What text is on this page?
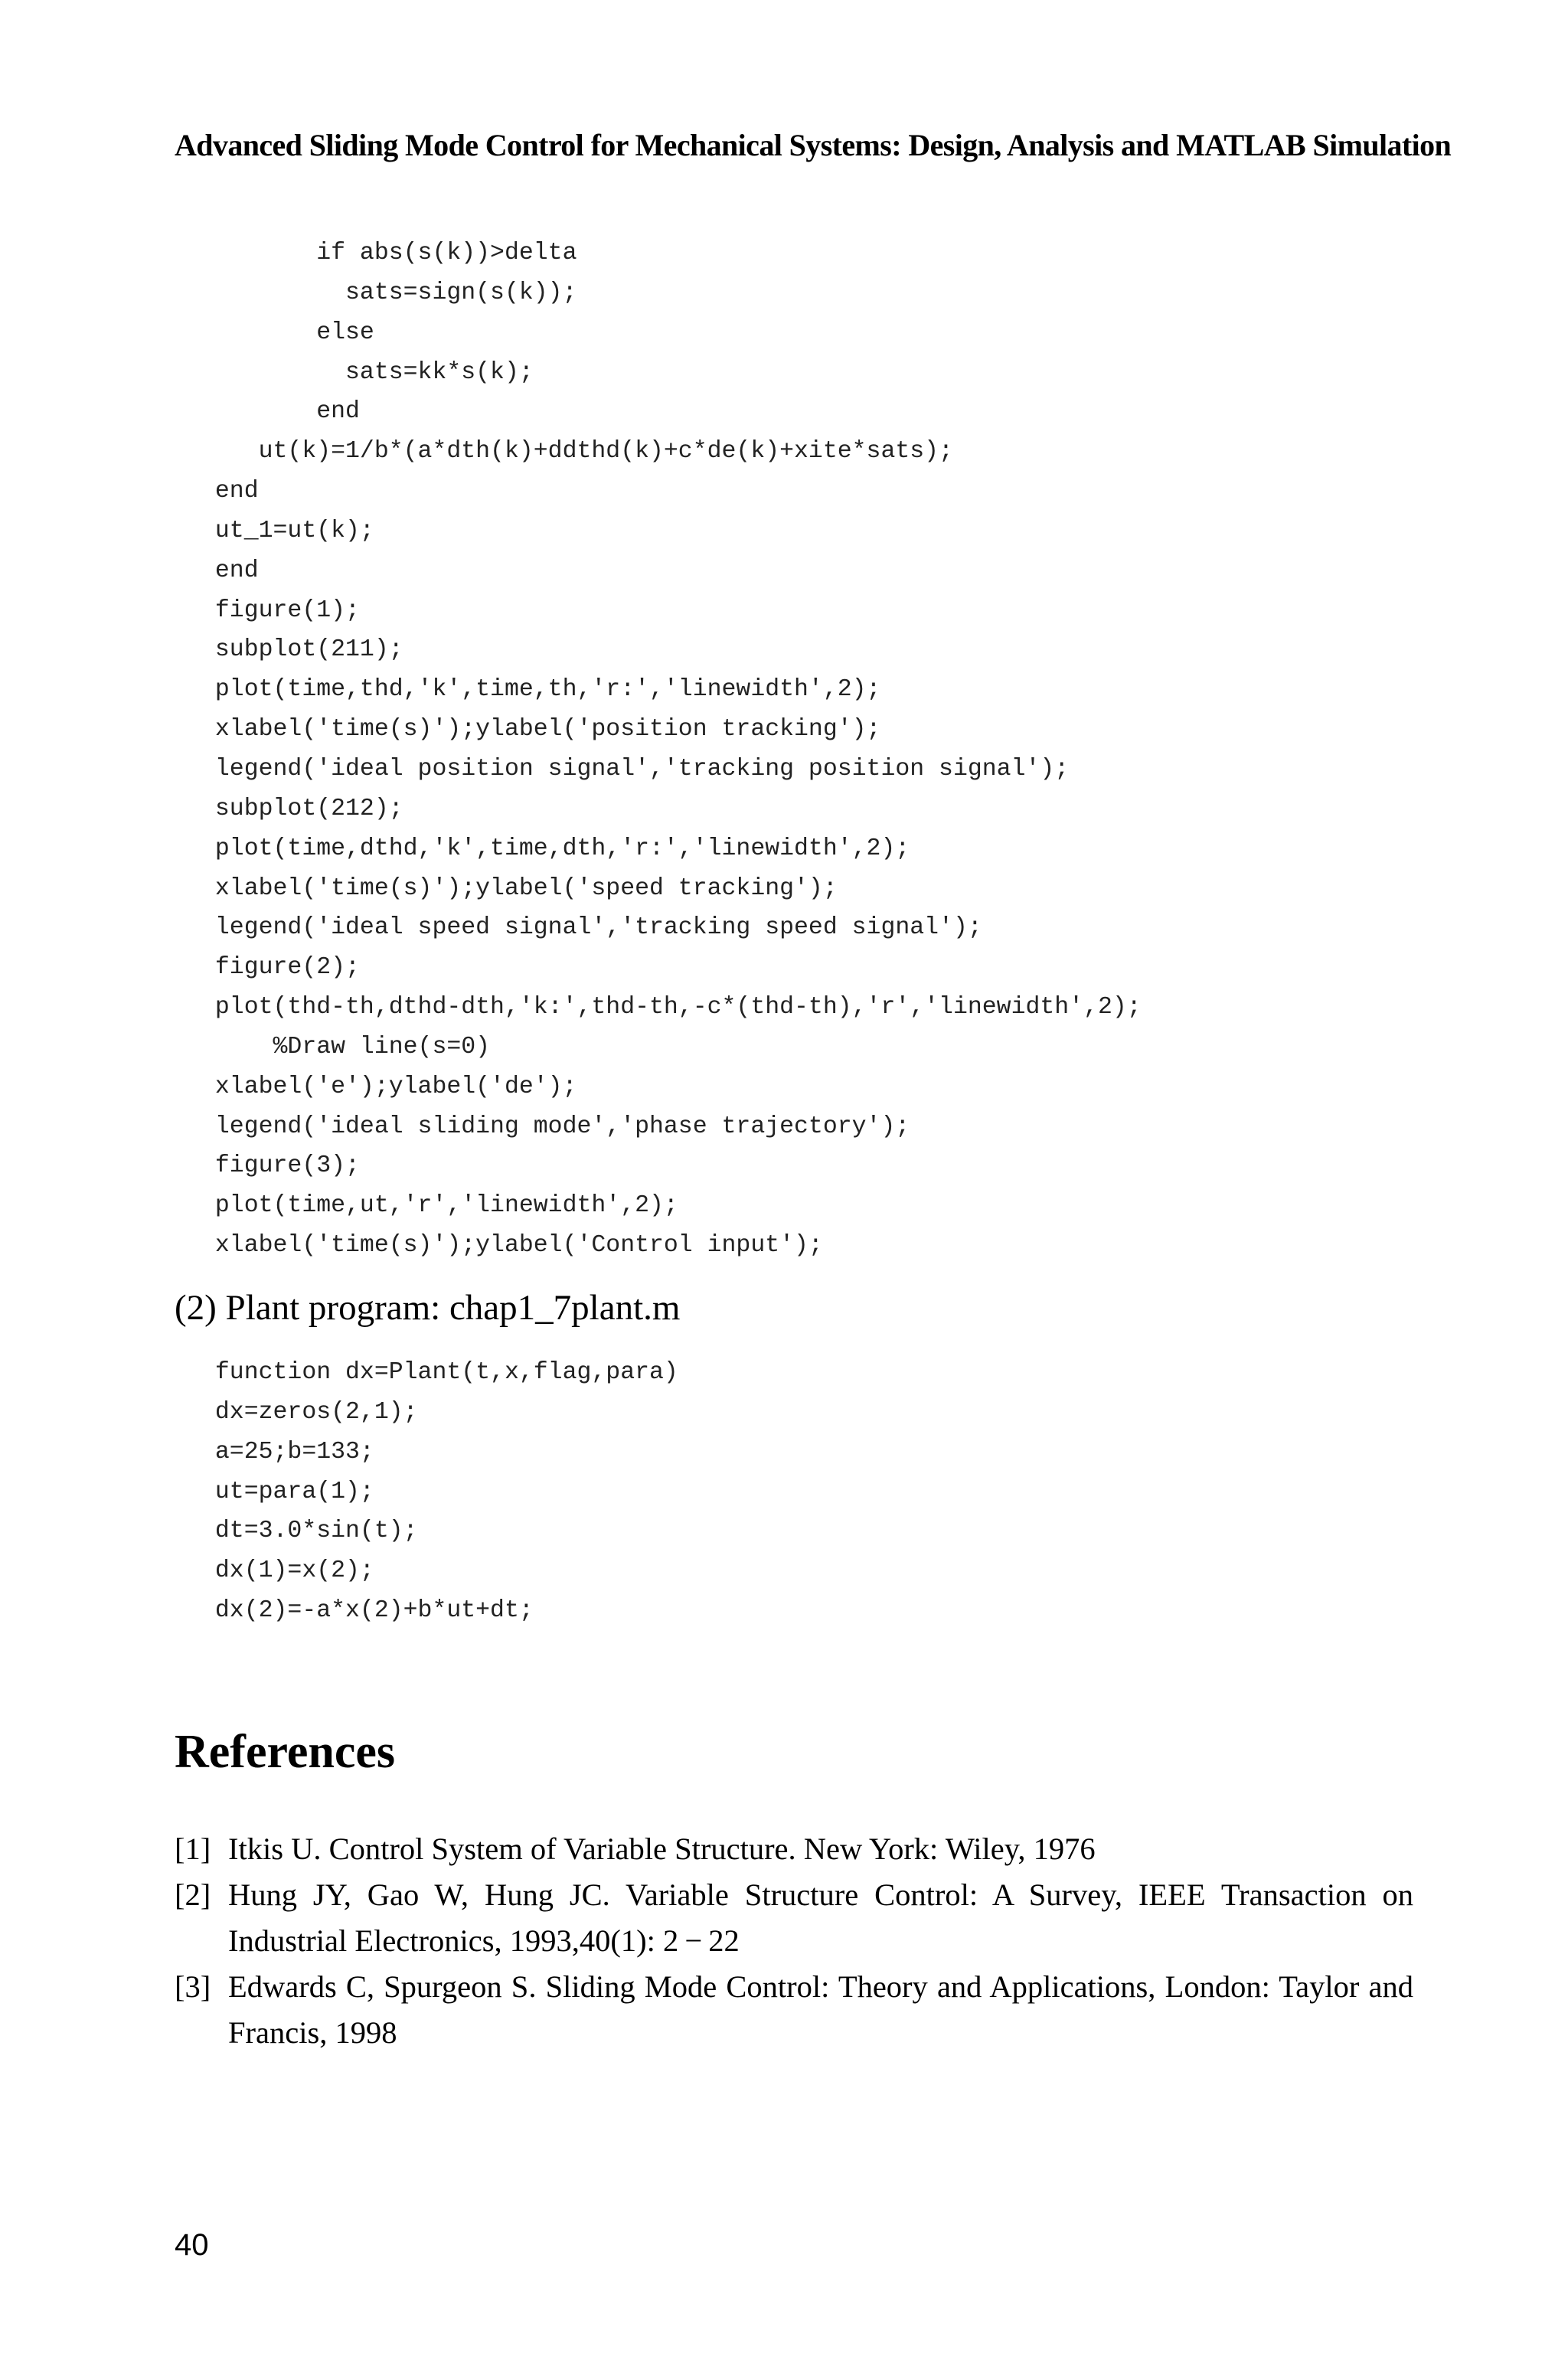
Advanced Sliding Mode Control for Mechanical Systems: Design, Analysis and MATLAB Simulation
if abs(s(k))>delta
sats=sign(s(k));
else
sats=kk*s(k);
end
ut(k)=1/b*(a*dth(k)+ddthd(k)+c*de(k)+xite*sats);
end
ut_1=ut(k);
end
figure(1);
subplot(211);
plot(time,thd,'k',time,th,'r:','linewidth',2);
xlabel('time(s)');ylabel('position tracking');
legend('ideal position signal','tracking position signal');
subplot(212);
plot(time,dthd,'k',time,dth,'r:','linewidth',2);
xlabel('time(s)');ylabel('speed tracking');
legend('ideal speed signal','tracking speed signal');
figure(2);
plot(thd-th,dthd-dth,'k:',thd-th,-c*(thd-th),'r','linewidth',2);
%Draw line(s=0)
xlabel('e');ylabel('de');
legend('ideal sliding mode','phase trajectory');
figure(3);
plot(time,ut,'r','linewidth',2);
xlabel('time(s)');ylabel('Control input');
(2) Plant program: chap1_7plant.m
function dx=Plant(t,x,flag,para)
dx=zeros(2,1);
a=25;b=133;
ut=para(1);
dt=3.0*sin(t);
dx(1)=x(2);
dx(2)=-a*x(2)+b*ut+dt;
References
[1] Itkis U. Control System of Variable Structure. New York: Wiley, 1976
[2] Hung JY, Gao W, Hung JC. Variable Structure Control: A Survey, IEEE Transaction on Industrial Electronics, 1993,40(1): 2 − 22
[3] Edwards C, Spurgeon S. Sliding Mode Control: Theory and Applications, London: Taylor and Francis, 1998
40
